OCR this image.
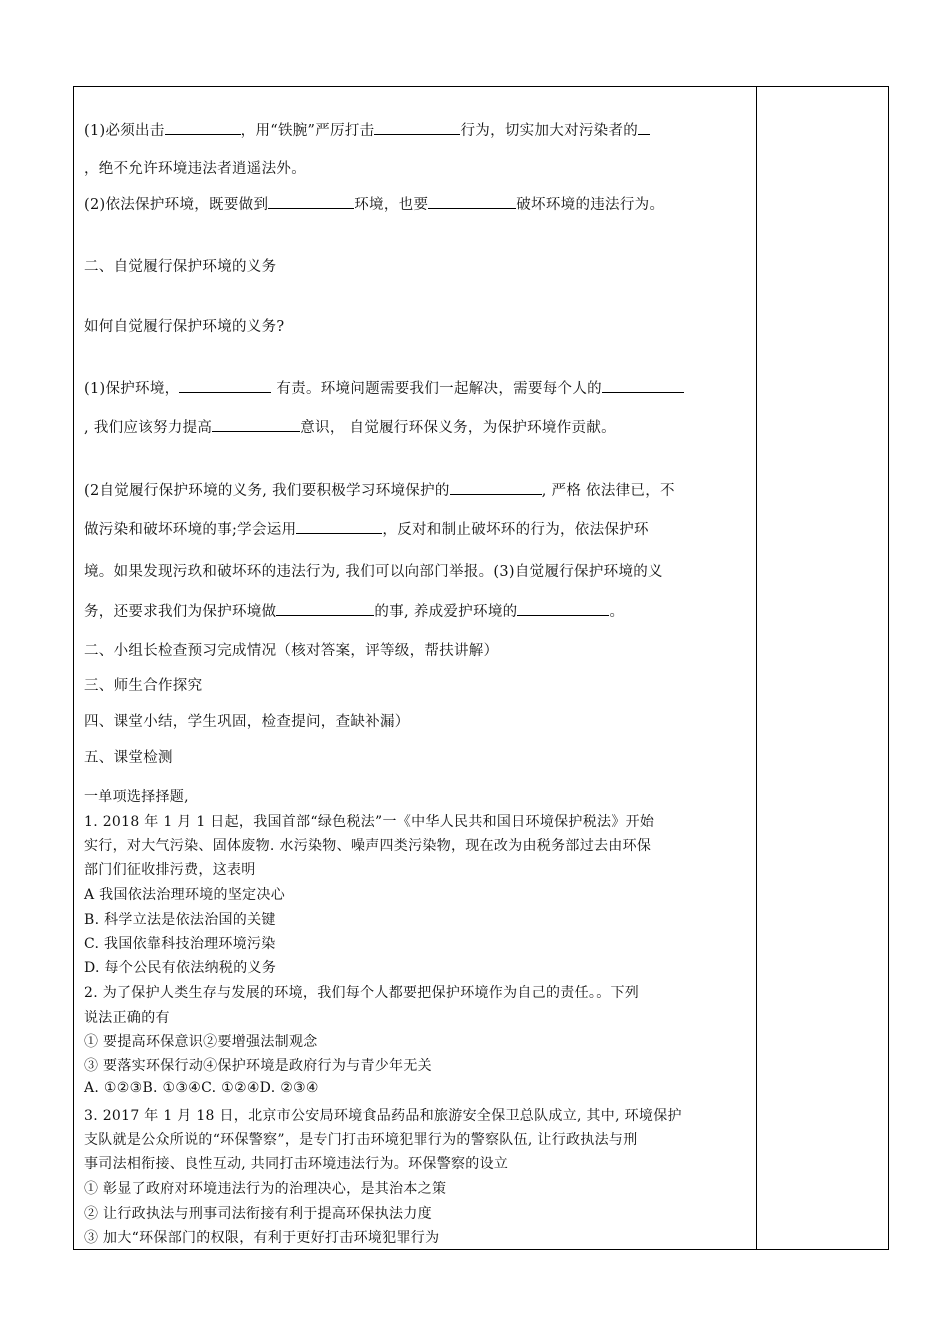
(1)必须出击	，用“铁腕”严厉打击	行为，切实加大对污染者的
，绝不允许环境违法者逍遥法外。
(2)依法保护环境，既要做到	环境，也要	破坏环境的违法行为。
二、自觉履行保护环境的义务
如何自觉履行保护环境的义务?
(1)保护环境，	有责。环境问题需要我们一起解决，需要每个人的
, 我们应该努力提高	意识， 自觉履行环保义务，为保护环境作贡献。
(2自觉履行保护环境的义务, 我们要积极学习环境保护的	, 严格 依法律已，不
做污染和破坏环境的事;学会运用	，反对和制止破坏环的行为，依法保护环
境。如果发现污玖和破坏环的违法行为, 我们可以向部门举报。(3)自觉履行保护环境的义
务，还要求我们为保护环境做	的事, 养成爱护环境的	。
二、小组长检查预习完成情况（核对答案，评等级，帮扶讲解）
三、师生合作探究
四、课堂小结，学生巩固，检查提问，查缺补漏）
五、课堂检测
一单项选择择题,
1. 2018 年 1 月 1 日起，我国首部“绿色税法”一《中华人民共和国日环境保护税法》开始
实行，对大气污染、固体废物. 水污染物、噪声四类污染物，现在改为由税务部过去由环保
部门们征收排污费，这表明
A 我国依法治理环境的坚定决心
B. 科学立法是依法治国的关键
C. 我国依靠科技治理环境污染
D. 每个公民有依法纳税的义务
2. 为了保护人类生存与发展的环境，我们每个人都要把保护环境作为自己的责任。。下列
说法正确的有
① 要提高环保意识②要增强法制观念
③ 要落实环保行动④保护环境是政府行为与青少年无关
A. ①②③B. ①③④C. ①②④D. ②③④
3. 2017 年 1 月 18 日，北京市公安局环境食品药品和旅游安全保卫总队成立, 其中, 环境保护
支队就是公众所说的“环保警察”，是专门打击环境犯罪行为的警察队伍, 让行政执法与刑
事司法相衔接、良性互动, 共同打击环境违法行为。环保警察的设立
① 彰显了政府对环境违法行为的治理决心，是其治本之策
② 让行政执法与刑事司法衔接有利于提高环保执法力度
③ 加大“环保部门的权限，有利于更好打击环境犯罪行为
